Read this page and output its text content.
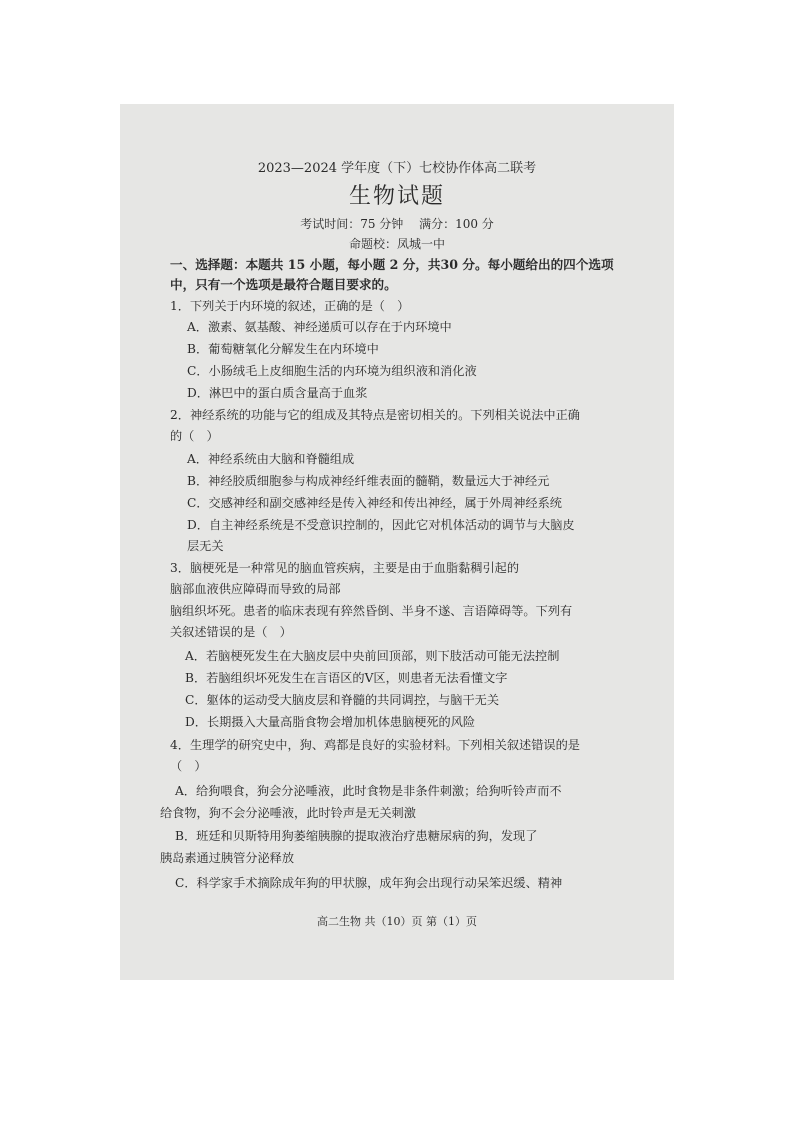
2023—2024 学年度（下）七校协作体高二联考
生物试题
考试时间：75 分钟　 满分：100 分
命题校：凤城一中
一、选择题：本题共 15 小题，每小题 2 分，共30 分。每小题给出的四个选项
中，只有一个选项是最符合题目要求的。
1．下列关于内环境的叙述，正确的是（　）
A．激素、氨基酸、神经递质可以存在于内环境中
B．葡萄糖氧化分解发生在内环境中
C．小肠绒毛上皮细胞生活的内环境为组织液和消化液
D．淋巴中的蛋白质含量高于血浆
2．神经系统的功能与它的组成及其特点是密切相关的。下列相关说法中正确
的（　）
A．神经系统由大脑和脊髓组成
B．神经胶质细胞参与构成神经纤维表面的髓鞘，数量远大于神经元
C．交感神经和副交感神经是传入神经和传出神经，属于外周神经系统
D．自主神经系统是不受意识控制的，因此它对机体活动的调节与大脑皮
层无关
3．脑梗死是一种常见的脑血管疾病，主要是由于血脂黏稠引起的
脑部血液供应障碍而导致的局部
脑组织坏死。患者的临床表现有猝然昏倒、半身不遂、言语障碍等。下列有
关叙述错误的是（　）
A．若脑梗死发生在大脑皮层中央前回顶部，则下肢活动可能无法控制
B．若脑组织坏死发生在言语区的V区，则患者无法看懂文字
C．躯体的运动受大脑皮层和脊髓的共同调控，与脑干无关
D．长期摄入大量高脂食物会增加机体患脑梗死的风险
4．生理学的研究史中，狗、鸡都是良好的实验材料。下列相关叙述错误的是
（　）
A．给狗喂食，狗会分泌唾液，此时食物是非条件刺激；给狗听铃声而不
给食物，狗不会分泌唾液，此时铃声是无关刺激
B．班廷和贝斯特用狗萎缩胰腺的提取液治疗患糖尿病的狗，发现了
胰岛素通过胰管分泌释放
C．科学家手术摘除成年狗的甲状腺，成年狗会出现行动呆笨迟缓、精神
高二生物 共（10）页 第（1）页
